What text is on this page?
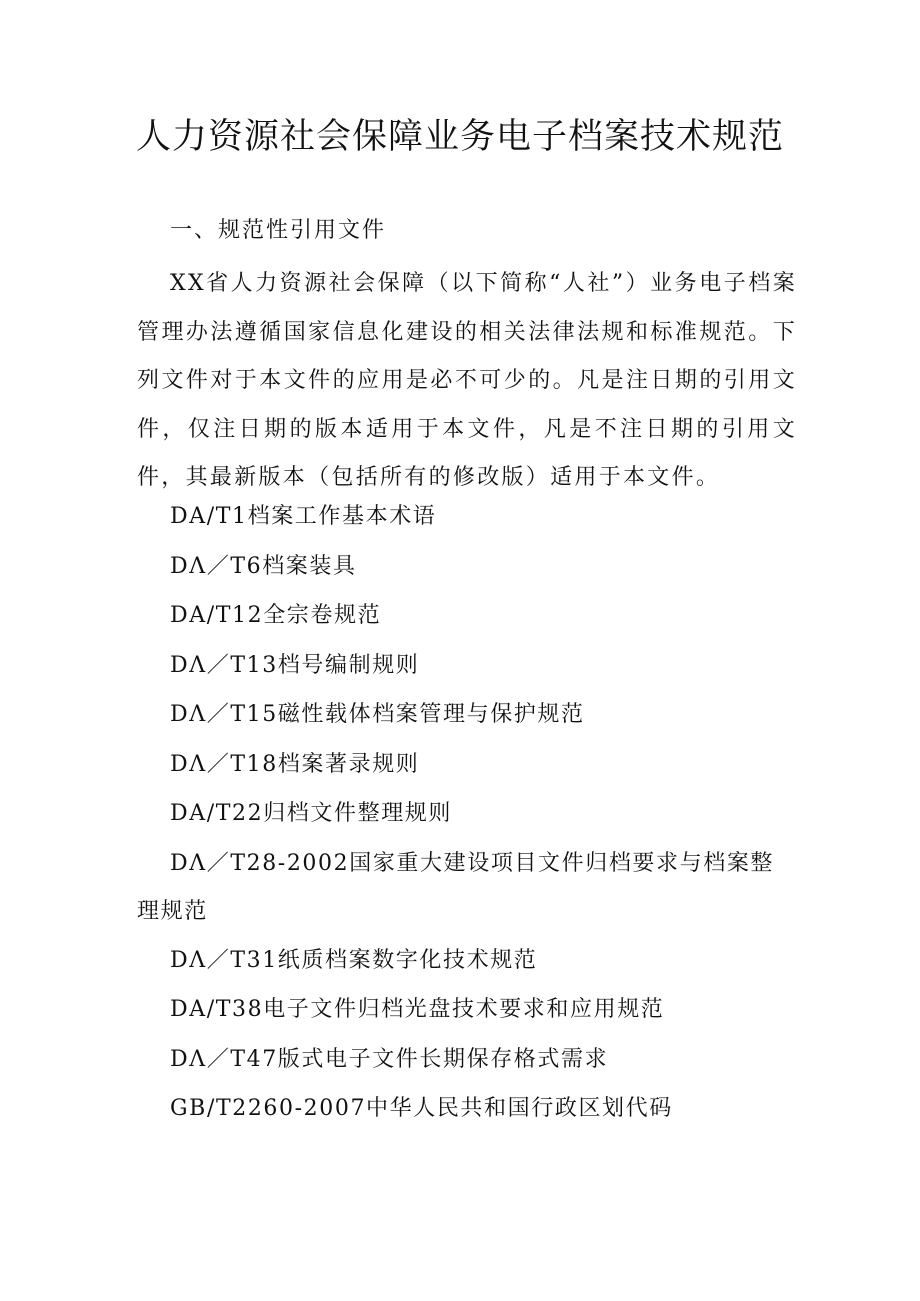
人力资源社会保障业务电子档案技术规范
一、规范性引用文件

XX省人力资源社会保障（以下简称“人社”）业务电子档案管理办法遵循国家信息化建设的相关法律法规和标准规范。下列文件对于本文件的应用是必不可少的。凡是注日期的引用文件，仅注日期的版本适用于本文件，凡是不注日期的引用文件，其最新版本（包括所有的修改版）适用于本文件。

DA/T1档案工作基本术语
DΛ／T6档案装具
DA/T12全宗卷规范
DΛ／T13档号编制规则
DΛ／T15磁性载体档案管理与保护规范
DΛ／T18档案著录规则
DA/T22归档文件整理规则
DΛ／T28-2002国家重大建设项目文件归档要求与档案整理规范
DΛ／T31纸质档案数字化技术规范
DA/T38电子文件归档光盘技术要求和应用规范
DΛ／T47版式电子文件长期保存格式需求
GB/T2260-2007中华人民共和国行政区划代码
